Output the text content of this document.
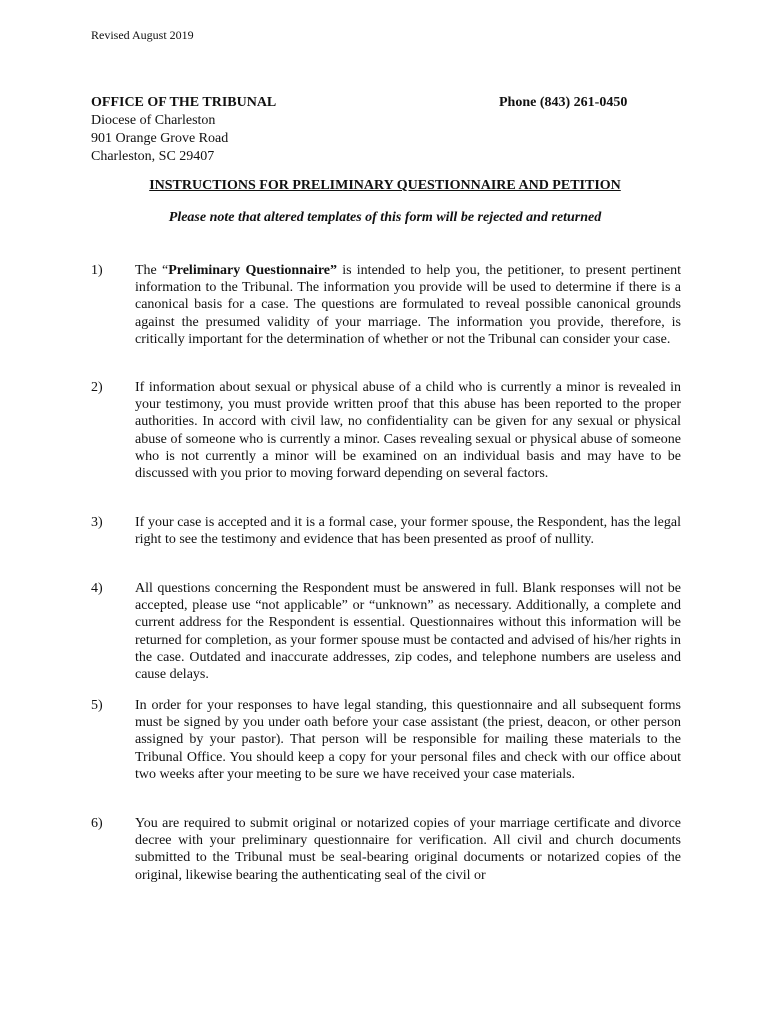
Revised August 2019
OFFICE OF THE TRIBUNAL
Diocese of Charleston
901 Orange Grove Road
Charleston, SC 29407
Phone (843) 261-0450
INSTRUCTIONS FOR PRELIMINARY QUESTIONNAIRE AND PETITION
Please note that altered templates of this form will be rejected and returned
1) The “Preliminary Questionnaire” is intended to help you, the petitioner, to present pertinent information to the Tribunal. The information you provide will be used to determine if there is a canonical basis for a case. The questions are formulated to reveal possible canonical grounds against the presumed validity of your marriage. The information you provide, therefore, is critically important for the determination of whether or not the Tribunal can consider your case.
2) If information about sexual or physical abuse of a child who is currently a minor is revealed in your testimony, you must provide written proof that this abuse has been reported to the proper authorities. In accord with civil law, no confidentiality can be given for any sexual or physical abuse of someone who is currently a minor. Cases revealing sexual or physical abuse of someone who is not currently a minor will be examined on an individual basis and may have to be discussed with you prior to moving forward depending on several factors.
3) If your case is accepted and it is a formal case, your former spouse, the Respondent, has the legal right to see the testimony and evidence that has been presented as proof of nullity.
4) All questions concerning the Respondent must be answered in full. Blank responses will not be accepted, please use “not applicable” or “unknown” as necessary. Additionally, a complete and current address for the Respondent is essential. Questionnaires without this information will be returned for completion, as your former spouse must be contacted and advised of his/her rights in the case. Outdated and inaccurate addresses, zip codes, and telephone numbers are useless and cause delays.
5) In order for your responses to have legal standing, this questionnaire and all subsequent forms must be signed by you under oath before your case assistant (the priest, deacon, or other person assigned by your pastor). That person will be responsible for mailing these materials to the Tribunal Office. You should keep a copy for your personal files and check with our office about two weeks after your meeting to be sure we have received your case materials.
6) You are required to submit original or notarized copies of your marriage certificate and divorce decree with your preliminary questionnaire for verification. All civil and church documents submitted to the Tribunal must be seal-bearing original documents or notarized copies of the original, likewise bearing the authenticating seal of the civil or
